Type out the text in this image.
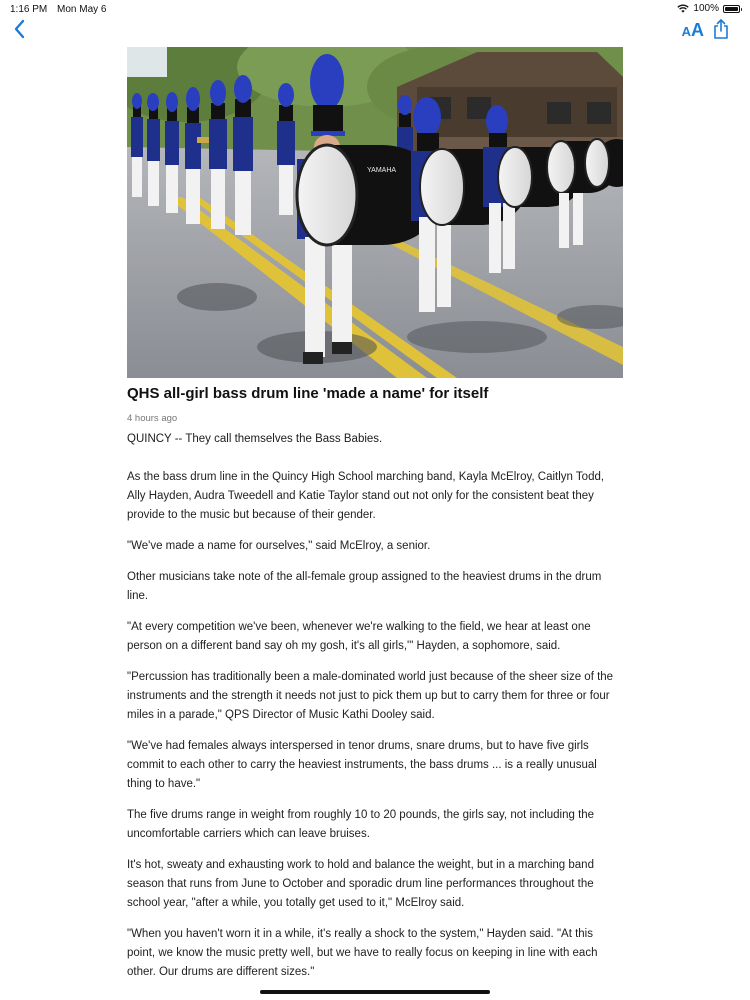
1:16 PM Mon May 6	100%
AA
YAMAHA
QHS all-girl bass drum line 'made a name' for itself
4 hours ago
QUINCY -- They call themselves the Bass Babies.

As the bass drum line in the Quincy High School marching band, Kayla McElroy, Caitlyn Todd, Ally Hayden, Audra Tweedell and Katie Taylor stand out not only for the consistent beat they provide to the music but because of their gender.

"We've made a name for ourselves," said McElroy, a senior.

Other musicians take note of the all-female group assigned to the heaviest drums in the drum line.

"At every competition we've been, whenever we're walking to the field, we hear at least one person on a different band say oh my gosh, it's all girls,'" Hayden, a sophomore, said.

"Percussion has traditionally been a male-dominated world just because of the sheer size of the instruments and the strength it needs not just to pick them up but to carry them for three or four miles in a parade," QPS Director of Music Kathi Dooley said.

"We've had females always interspersed in tenor drums, snare drums, but to have five girls commit to each other to carry the heaviest instruments, the bass drums ... is a really unusual thing to have."

The five drums range in weight from roughly 10 to 20 pounds, the girls say, not including the uncomfortable carriers which can leave bruises.

It's hot, sweaty and exhausting work to hold and balance the weight, but in a marching band season that runs from June to October and sporadic drum line performances throughout the school year, "after a while, you totally get used to it," McElroy said.

"When you haven't worn it in a while, it's really a shock to the system," Hayden said. "At this point, we know the music pretty well, but we have to really focus on keeping in line with each other. Our drums are different sizes."
